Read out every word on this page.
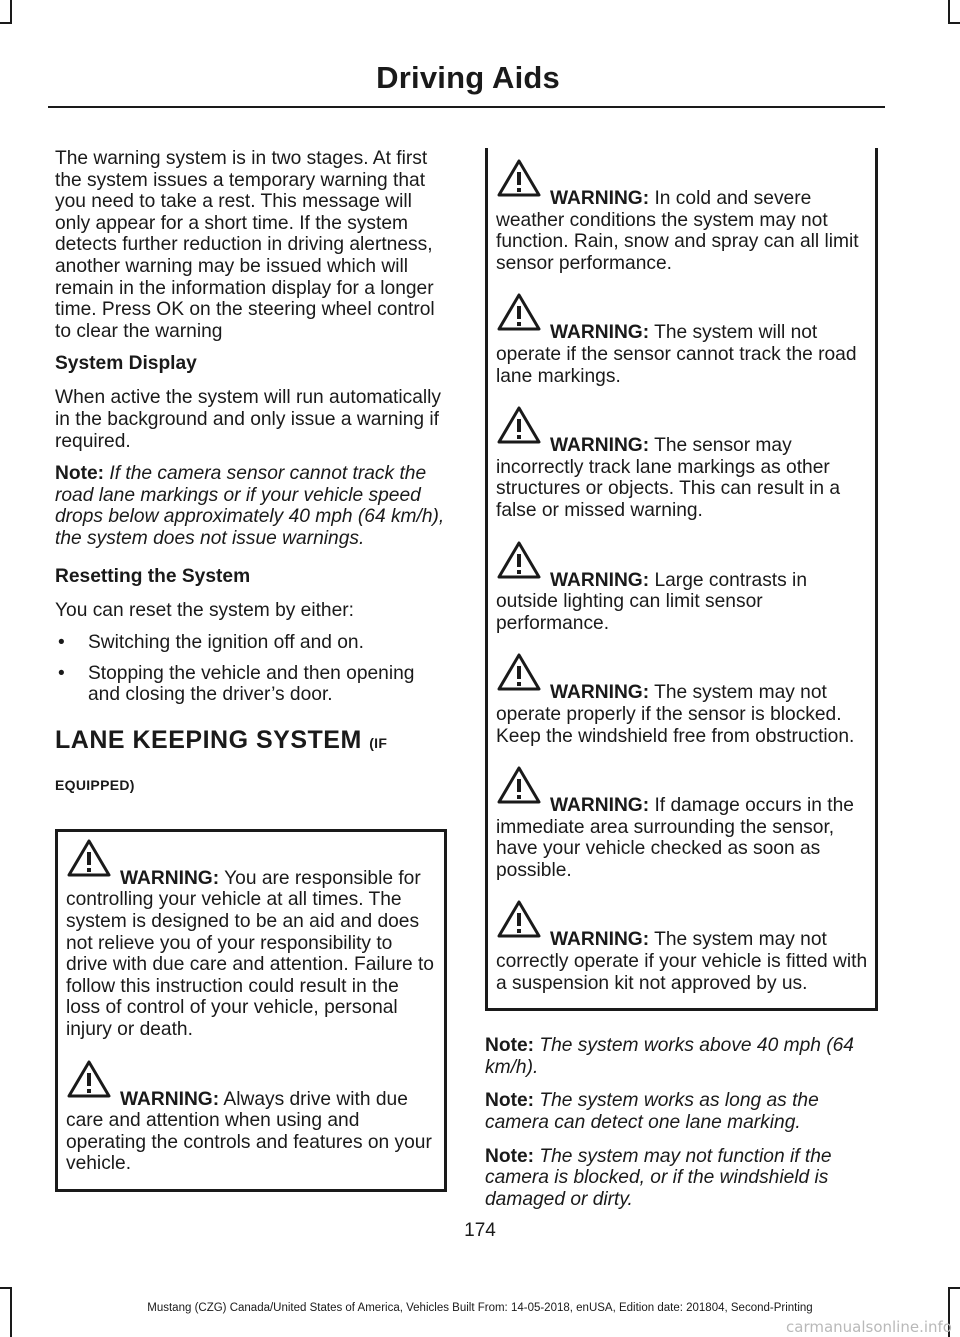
Driving Aids

The warning system is in two stages. At first the system issues a temporary warning that you need to take a rest. This message will only appear for a short time. If the system detects further reduction in driving alertness, another warning may be issued which will remain in the information display for a longer time. Press OK on the steering wheel control to clear the warning

System Display

When active the system will run automatically in the background and only issue a warning if required.

Note: If the camera sensor cannot track the road lane markings or if your vehicle speed drops below approximately 40 mph (64 km/h), the system does not issue warnings.

Resetting the System

You can reset the system by either:

• Switching the ignition off and on.
• Stopping the vehicle and then opening and closing the driver’s door.
LANE KEEPING SYSTEM (IF
EQUIPPED)
WARNING: You are responsible for controlling your vehicle at all times. The system is designed to be an aid and does not relieve you of your responsibility to drive with due care and attention. Failure to follow this instruction could result in the loss of control of your vehicle, personal injury or death.
WARNING: Always drive with due care and attention when using and operating the controls and features on your vehicle.
WARNING: In cold and severe weather conditions the system may not function. Rain, snow and spray can all limit sensor performance.
WARNING: The system will not operate if the sensor cannot track the road lane markings.
WARNING: The sensor may incorrectly track lane markings as other structures or objects. This can result in a false or missed warning.
WARNING: Large contrasts in outside lighting can limit sensor performance.
WARNING: The system may not operate properly if the sensor is blocked. Keep the windshield free from obstruction.
WARNING: If damage occurs in the immediate area surrounding the sensor, have your vehicle checked as soon as possible.
WARNING: The system may not correctly operate if your vehicle is fitted with a suspension kit not approved by us.

Note: The system works above 40 mph (64 km/h).

Note: The system works as long as the camera can detect one lane marking.

Note: The system may not function if the camera is blocked, or if the windshield is damaged or dirty.

174
Mustang (CZG) Canada/United States of America, Vehicles Built From: 14-05-2018, enUSA, Edition date: 201804, Second-Printing
carmanualsonline.info
